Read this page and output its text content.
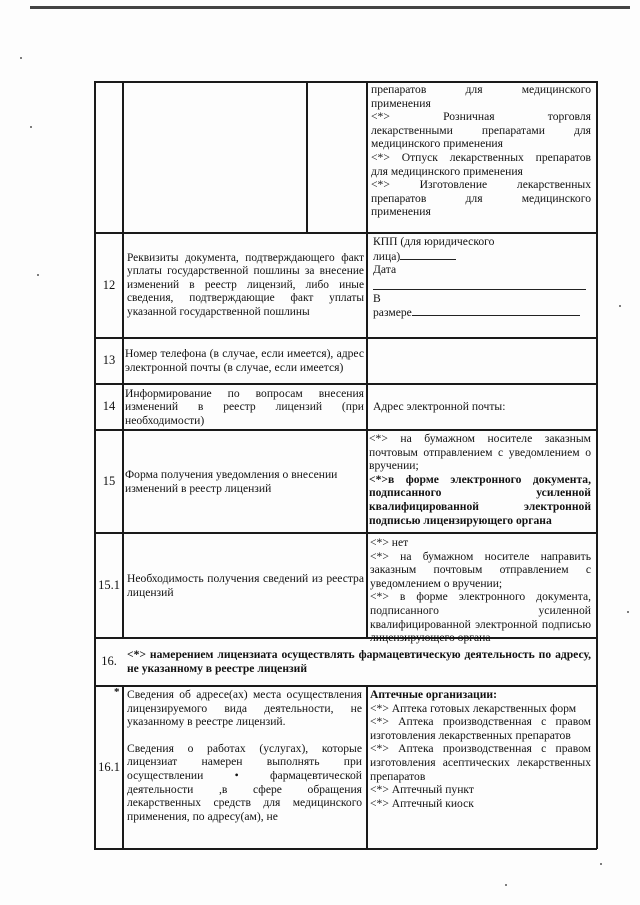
препаратов для медицинского
применения
<*> Розничная торговля
лекарственными препаратами для
медицинского применения
<*> Отпуск лекарственных препаратов
для медицинского применения
<*> Изготовление лекарственных
препаратов для медицинского
применения
12
Реквизиты документа, подтверждающего факт уплаты государственной пошлины за внесение изменений в реестр лицензий, либо иные сведения, подтверждающие факт уплаты указанной государственной пошлины
КПП (для юридического
лица)
Дата
В
размере
13 Номер телефона (в случае, если имеется), адрес электронной почты (в случае, если имеется)
14
Информирование по вопросам внесения изменений в реестр лицензий (при необходимости)
Адрес электронной почты:
15 Форма получения уведомления о внесении изменений в реестр лицензий
<*> на бумажном носителе заказным почтовым отправлением с уведомлением о вручении;
<*>в форме электронного документа, подписанного усиленной квалифицированной электронной подписью лицензирующего органа
15.1 Необходимость получения сведений из реестра лицензий
<*> нет
<*> на бумажном носителе направить заказным почтовым отправлением с уведомлением о вручении;
<*> в форме электронного документа, подписанного усиленной квалифицированной электронной подписью лицензирующего органа
16. <*> намерением лицензиата осуществлять фармацевтическую деятельность по адресу, не указанному в реестре лицензий
*
16.1
Сведения об адресе(ах) места осуществления лицензируемого вида деятельности, не указанному в реестре лицензий.
Сведения о работах (услугах), которые лицензиат намерен выполнять при осуществлении • фармацевтической деятельности ,в сфере обращения лекарственных средств для медицинского применения, по адресу(ам), не
Аптечные организации:
<*> Аптека готовых лекарственных форм
<*> Аптека производственная с правом изготовления лекарственных препаратов
<*> Аптека производственная с правом изготовления асептических лекарственных препаратов
<*> Аптечный пункт
<*> Аптечный киоск
